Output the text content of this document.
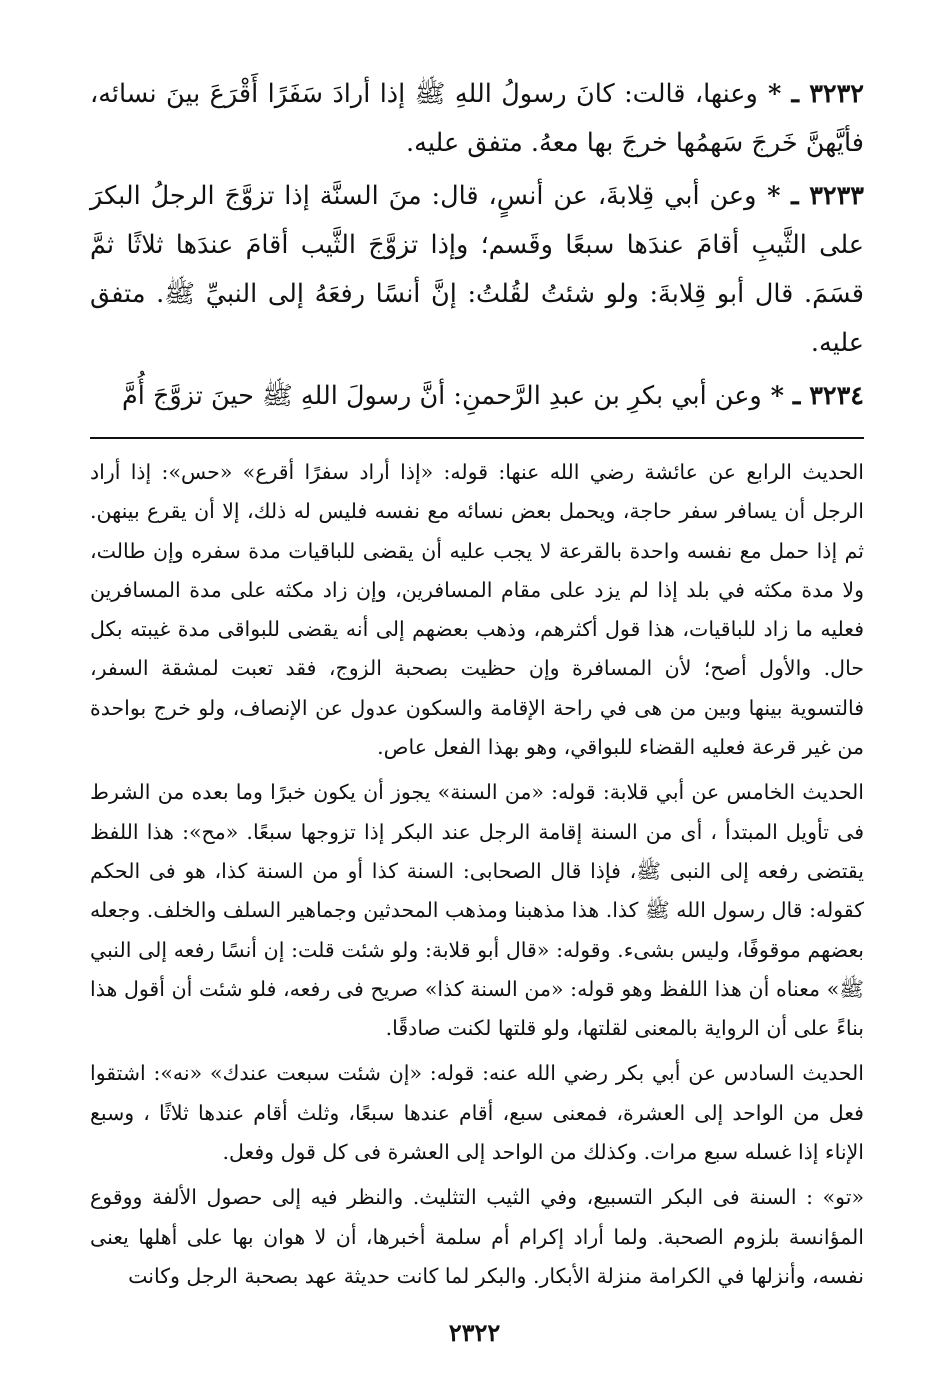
٣٢٣٢ ـ * وعنها، قالت: كانَ رسولُ اللهِ ﷺ إذا أرادَ سَفَرًا أَقْرَعَ بينَ نسائه، فأيَّهنَّ خَرجَ سَهمُها خرجَ بها معهُ. متفق عليه.

٣٢٣٣ ـ * وعن أبي قِلابةَ، عن أنسٍ، قال: منَ السنَّة إذا تزوَّجَ الرجلُ البكرَ على الثَّيبِ أقامَ عندَها سبعًا وقَسم؛ وإذا تزوَّجَ الثَّيب أقامَ عندَها ثلاثًا ثمَّ قسَمَ. قال أبو قِلابةَ: ولو شئتُ لقُلتُ: إنَّ أنسًا رفعَهُ إلى النبيِّ ﷺ. متفق عليه.

٣٢٣٤ ـ * وعن أبي بكرِ بن عبدِ الرَّحمنِ: أنَّ رسولَ اللهِ ﷺ حينَ تزوَّجَ أُمَّ

الحديث الرابع عن عائشة رضي الله عنها: قوله: «إذا أراد سفرًا أقرع» «حس»: إذا أراد الرجل أن يسافر سفر حاجة، ويحمل بعض نسائه مع نفسه فليس له ذلك، إلا أن يقرع بينهن. ثم إذا حمل مع نفسه واحدة بالقرعة لا يجب عليه أن يقضى للباقيات مدة سفره وإن طالت، ولا مدة مكثه في بلد إذا لم يزد على مقام المسافرين، وإن زاد مكثه على مدة المسافرين فعليه ما زاد للباقيات، هذا قول أكثرهم، وذهب بعضهم إلى أنه يقضى للبواقى مدة غيبته بكل حال. والأول أصح؛ لأن المسافرة وإن حظيت بصحبة الزوج، فقد تعبت لمشقة السفر، فالتسوية بينها وبين من هى في راحة الإقامة والسكون عدول عن الإنصاف، ولو خرج بواحدة من غير قرعة فعليه القضاء للبواقي، وهو بهذا الفعل عاص.

الحديث الخامس عن أبي قلابة: قوله: «من السنة» يجوز أن يكون خبرًا وما بعده من الشرط فى تأويل المبتدأ ، أى من السنة إقامة الرجل عند البكر إذا تزوجها سبعًا. «مح»: هذا اللفظ يقتضى رفعه إلى النبى ﷺ، فإذا قال الصحابى: السنة كذا أو من السنة كذا، هو فى الحكم كقوله: قال رسول الله ﷺ كذا. هذا مذهبنا ومذهب المحدثين وجماهير السلف والخلف. وجعله بعضهم موقوفًا، وليس بشىء. وقوله: «قال أبو قلابة: ولو شئت قلت: إن أنسًا رفعه إلى النبي ﷺ» معناه أن هذا اللفظ وهو قوله: «من السنة كذا» صريح فى رفعه، فلو شئت أن أقول هذا بناءً على أن الرواية بالمعنى لقلتها، ولو قلتها لكنت صادقًا.

الحديث السادس عن أبي بكر رضي الله عنه: قوله: «إن شئت سبعت عندك» «نه»: اشتقوا فعل من الواحد إلى العشرة، فمعنى سبع، أقام عندها سبعًا، وثلث أقام عندها ثلاثًا ، وسبع الإناء إذا غسله سبع مرات. وكذلك من الواحد إلى العشرة فى كل قول وفعل.

«تو» : السنة فى البكر التسبيع، وفي الثيب التثليث. والنظر فيه إلى حصول الألفة ووقوع المؤانسة بلزوم الصحبة. ولما أراد إكرام أم سلمة أخبرها، أن لا هوان بها على أهلها يعنى نفسه، وأنزلها في الكرامة منزلة الأبكار. والبكر لما كانت حديثة عهد بصحبة الرجل وكانت

٢٣٢٢
